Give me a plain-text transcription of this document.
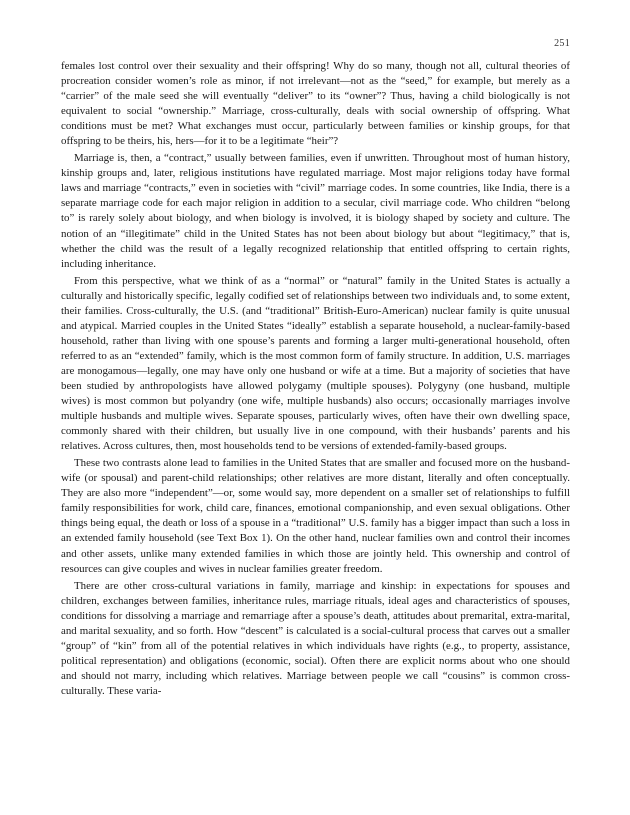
251

females lost control over their sexuality and their offspring! Why do so many, though not all, cultural theories of procreation consider women’s role as minor, if not irrelevant—not as the “seed,” for example, but merely as a “carrier” of the male seed she will eventually “deliver” to its “owner”? Thus, having a child biologically is not equivalent to social “ownership.” Marriage, cross-culturally, deals with social ownership of offspring. What conditions must be met? What exchanges must occur, particularly between families or kinship groups, for that offspring to be theirs, his, hers—for it to be a legitimate “heir”?

Marriage is, then, a “contract,” usually between families, even if unwritten. Throughout most of human history, kinship groups and, later, religious institutions have regulated marriage. Most major religions today have formal laws and marriage “contracts,” even in societies with “civil” marriage codes. In some countries, like India, there is a separate marriage code for each major religion in addition to a secular, civil marriage code. Who children “belong to” is rarely solely about biology, and when biology is involved, it is biology shaped by society and culture. The notion of an “illegitimate” child in the United States has not been about biology but about “legitimacy,” that is, whether the child was the result of a legally recognized relationship that entitled offspring to certain rights, including inheritance.

From this perspective, what we think of as a “normal” or “natural” family in the United States is actually a culturally and historically specific, legally codified set of relationships between two individuals and, to some extent, their families. Cross-culturally, the U.S. (and “traditional” British-Euro-American) nuclear family is quite unusual and atypical. Married couples in the United States “ideally” establish a separate household, a nuclear-family-based household, rather than living with one spouse’s parents and forming a larger multi-generational household, often referred to as an “extended” family, which is the most common form of family structure. In addition, U.S. marriages are monogamous—legally, one may have only one husband or wife at a time. But a majority of societies that have been studied by anthropologists have allowed polygamy (multiple spouses). Polygyny (one husband, multiple wives) is most common but polyandry (one wife, multiple husbands) also occurs; occasionally marriages involve multiple husbands and multiple wives. Separate spouses, particularly wives, often have their own dwelling space, commonly shared with their children, but usually live in one compound, with their husbands’ parents and his relatives. Across cultures, then, most households tend to be versions of extended-family-based groups.

These two contrasts alone lead to families in the United States that are smaller and focused more on the husband-wife (or spousal) and parent-child relationships; other relatives are more distant, literally and often conceptually. They are also more “independent”—or, some would say, more dependent on a smaller set of relationships to fulfill family responsibilities for work, child care, finances, emotional companionship, and even sexual obligations. Other things being equal, the death or loss of a spouse in a “traditional” U.S. family has a bigger impact than such a loss in an extended family household (see Text Box 1). On the other hand, nuclear families own and control their incomes and other assets, unlike many extended families in which those are jointly held. This ownership and control of resources can give couples and wives in nuclear families greater freedom.

There are other cross-cultural variations in family, marriage and kinship: in expectations for spouses and children, exchanges between families, inheritance rules, marriage rituals, ideal ages and characteristics of spouses, conditions for dissolving a marriage and remarriage after a spouse’s death, attitudes about premarital, extra-marital, and marital sexuality, and so forth. How “descent” is calculated is a social-cultural process that carves out a smaller “group” of “kin” from all of the potential relatives in which individuals have rights (e.g., to property, assistance, political representation) and obligations (economic, social). Often there are explicit norms about who one should and should not marry, including which relatives. Marriage between people we call “cousins” is common cross-culturally. These varia-
